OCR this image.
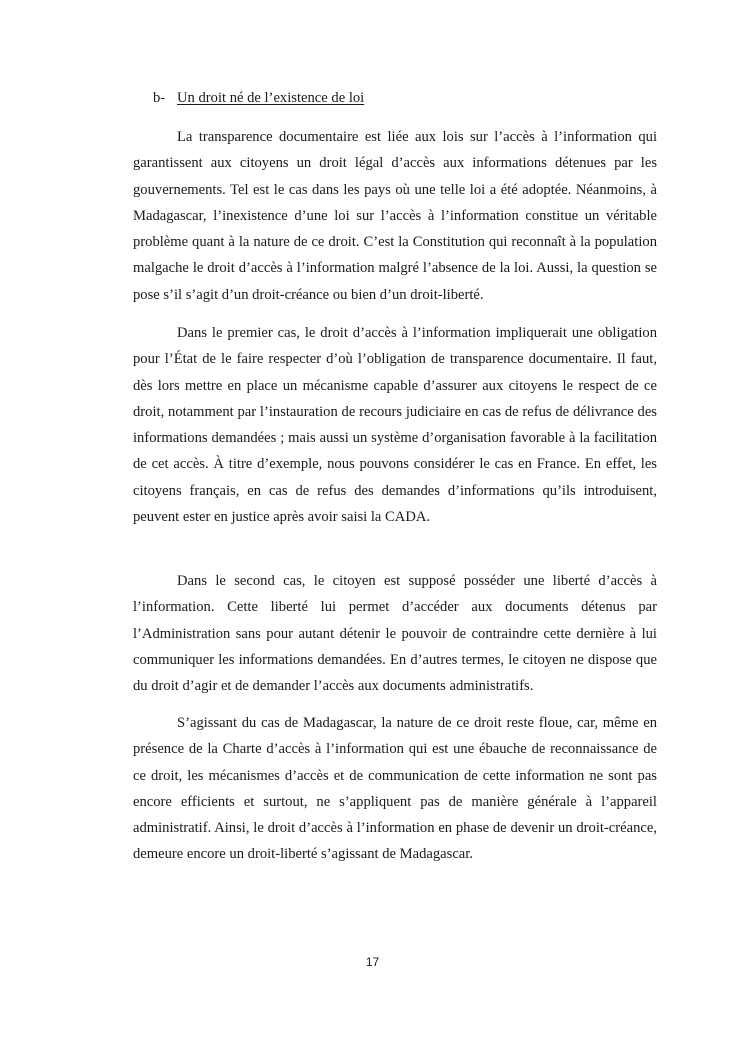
b- Un droit né de l’existence de loi

La transparence documentaire est liée aux lois sur l’accès à l’information qui garantissent aux citoyens un droit légal d’accès aux informations détenues par les gouvernements. Tel est le cas dans les pays où une telle loi a été adoptée. Néanmoins, à Madagascar, l’inexistence d’une loi sur l’accès à l’information constitue un véritable problème quant à la nature de ce droit. C’est la Constitution qui reconnaît à la population malgache le droit d’accès à l’information malgré l’absence de la loi. Aussi, la question se pose s’il s’agit d’un droit-créance ou bien d’un droit-liberté.

Dans le premier cas, le droit d’accès à l’information impliquerait une obligation pour l’État de le faire respecter d’où l’obligation de transparence documentaire. Il faut, dès lors mettre en place un mécanisme capable d’assurer aux citoyens le respect de ce droit, notamment par l’instauration de recours judiciaire en cas de refus de délivrance des informations demandées ; mais aussi un système d’organisation favorable à la facilitation de cet accès. À titre d’exemple, nous pouvons considérer le cas en France. En effet, les citoyens français, en cas de refus des demandes d’informations qu’ils introduisent, peuvent ester en justice après avoir saisi la CADA.

Dans le second cas, le citoyen est supposé posséder une liberté d’accès à l’information. Cette liberté lui permet d’accéder aux documents détenus par l’Administration sans pour autant détenir le pouvoir de contraindre cette dernière à lui communiquer les informations demandées. En d’autres termes, le citoyen ne dispose que du droit d’agir et de demander l’accès aux documents administratifs.

S’agissant du cas de Madagascar, la nature de ce droit reste floue, car, même en présence de la Charte d’accès à l’information qui est une ébauche de reconnaissance de ce droit, les mécanismes d’accès et de communication de cette information ne sont pas encore efficients et surtout, ne s’appliquent pas de manière générale à l’appareil administratif. Ainsi, le droit d’accès à l’information en phase de devenir un droit-créance, demeure encore un droit-liberté s’agissant de Madagascar.

17
